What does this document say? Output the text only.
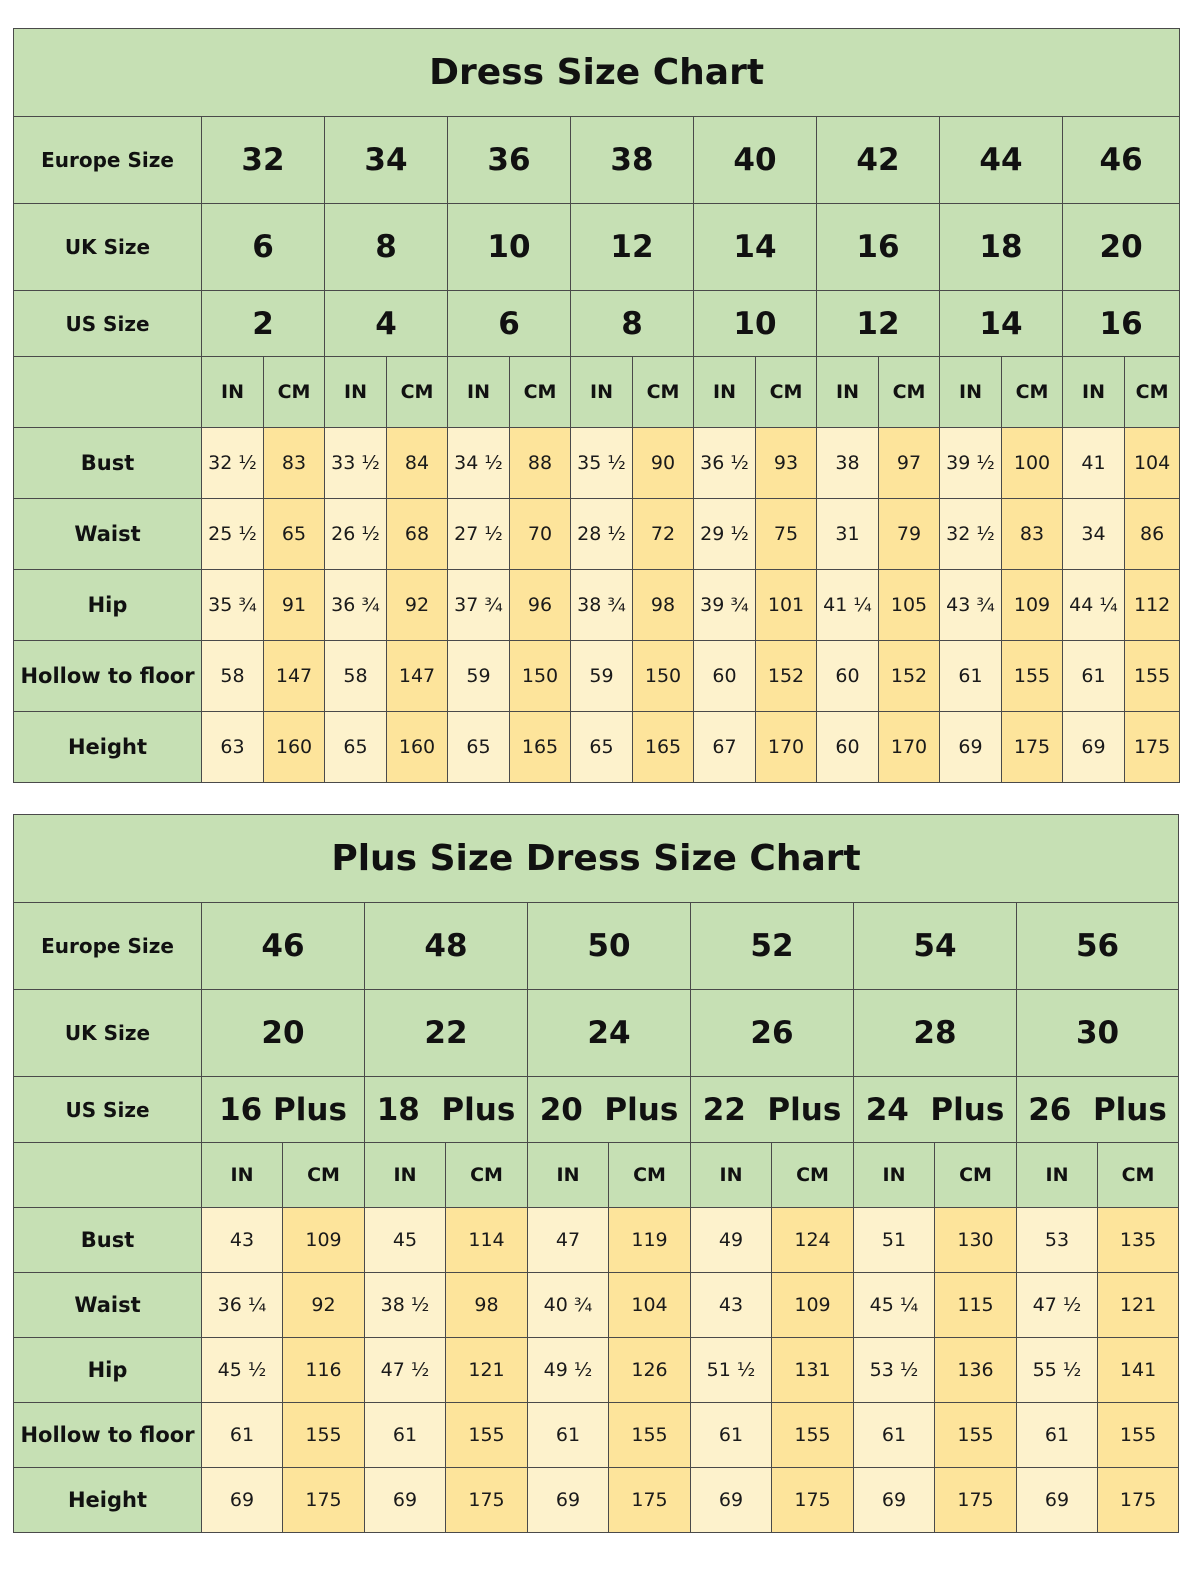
Dress Size Chart																
Europe Size	32		34		36		38		40		42		44		46	
UK Size	6		8		10		12		14		16		18		20	
US Size	2		4		6		8		10		12		14		16	
	IN	CM	IN	CM	IN	CM	IN	CM	IN	CM	IN	CM	IN	CM	IN	CM
Bust	32 ½	83	33 ½	84	34 ½	88	35 ½	90	36 ½	93	38	97	39 ½	100	41	104
Waist	25 ½	65	26 ½	68	27 ½	70	28 ½	72	29 ½	75	31	79	32 ½	83	34	86
Hip	35 ¾	91	36 ¾	92	37 ¾	96	38 ¾	98	39 ¾	101	41 ¼	105	43 ¾	109	44 ¼	112
Hollow to floor	58	147	58	147	59	150	59	150	60	152	60	152	61	155	61	155
Height	63	160	65	160	65	165	65	165	67	170	60	170	69	175	69	175
Plus Size Dress Size Chart												
Europe Size	46		48		50		52		54		56	
UK Size	20		22		24		26		28		30	
US Size	16 Plus		18  Plus		20  Plus		22  Plus		24  Plus		26  Plus	
	IN	CM	IN	CM	IN	CM	IN	CM	IN	CM	IN	CM
Bust	43	109	45	114	47	119	49	124	51	130	53	135
Waist	36 ¼	92	38 ½	98	40 ¾	104	43	109	45 ¼	115	47 ½	121
Hip	45 ½	116	47 ½	121	49 ½	126	51 ½	131	53 ½	136	55 ½	141
Hollow to floor	61	155	61	155	61	155	61	155	61	155	61	155
Height	69	175	69	175	69	175	69	175	69	175	69	175
